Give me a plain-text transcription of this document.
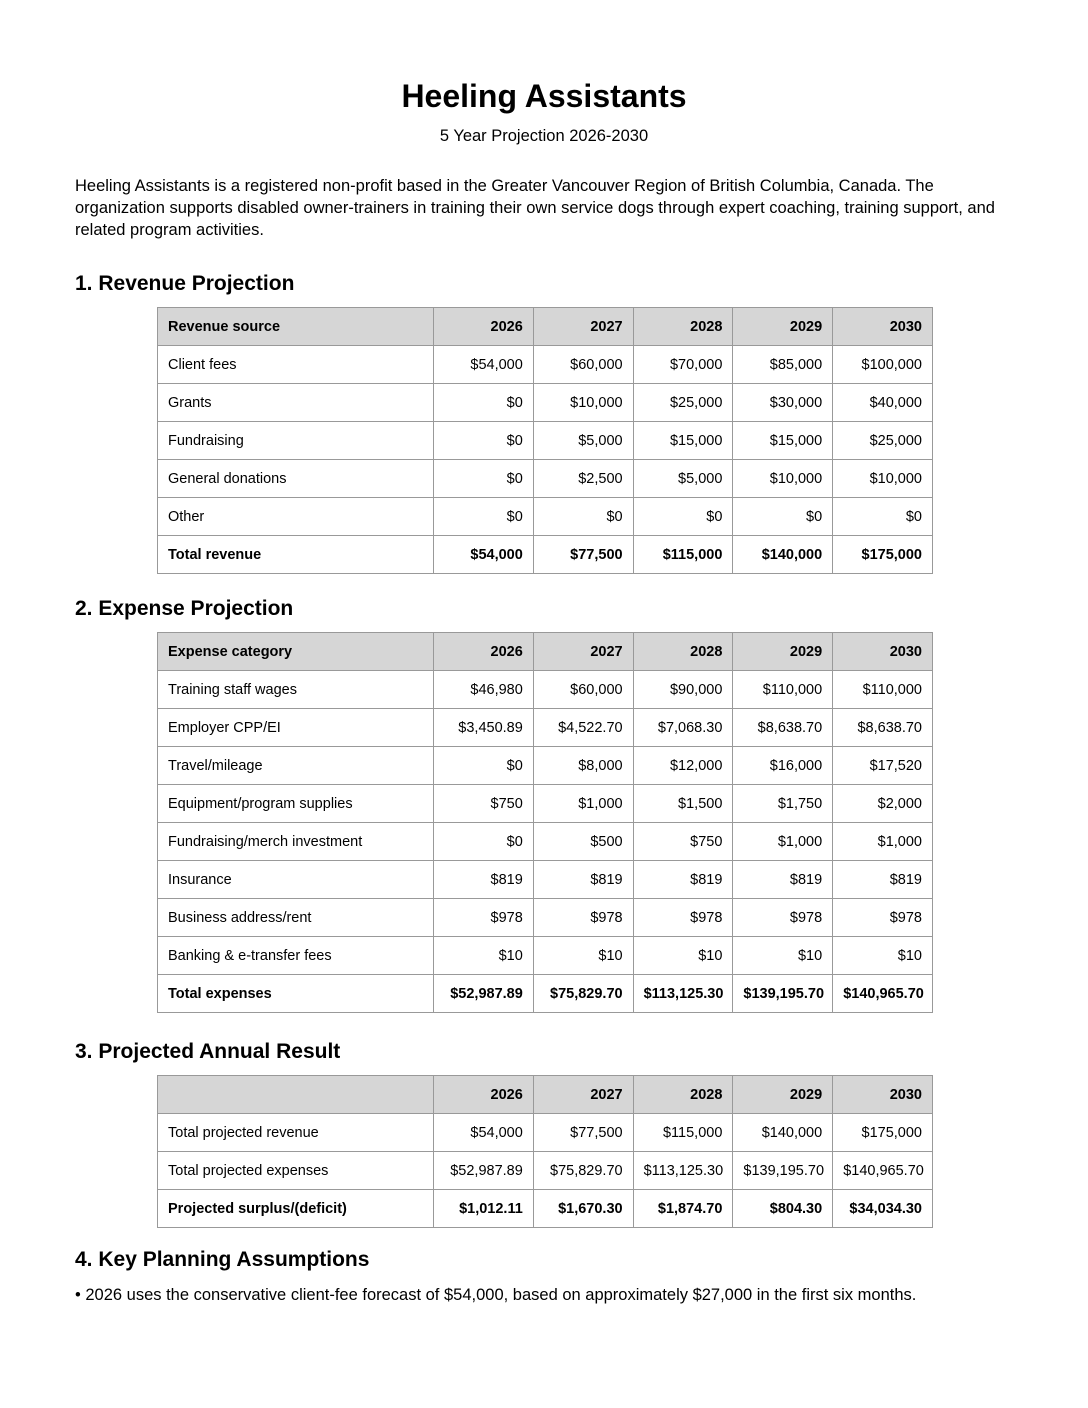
Heeling Assistants
5 Year Projection 2026-2030

Heeling Assistants is a registered non-profit based in the Greater Vancouver Region of British Columbia, Canada. The organization supports disabled owner-trainers in training their own service dogs through expert coaching, training support, and related program activities.

1. Revenue Projection
Revenue source	2026	2027	2028	2029	2030
Client fees	$54,000	$60,000	$70,000	$85,000	$100,000
Grants	$0	$10,000	$25,000	$30,000	$40,000
Fundraising	$0	$5,000	$15,000	$15,000	$25,000
General donations	$0	$2,500	$5,000	$10,000	$10,000
Other	$0	$0	$0	$0	$0
Total revenue	$54,000	$77,500	$115,000	$140,000	$175,000
2. Expense Projection
Expense category	2026	2027	2028	2029	2030
Training staff wages	$46,980	$60,000	$90,000	$110,000	$110,000
Employer CPP/EI	$3,450.89	$4,522.70	$7,068.30	$8,638.70	$8,638.70
Travel/mileage	$0	$8,000	$12,000	$16,000	$17,520
Equipment/program supplies	$750	$1,000	$1,500	$1,750	$2,000
Fundraising/merch investment	$0	$500	$750	$1,000	$1,000
Insurance	$819	$819	$819	$819	$819
Business address/rent	$978	$978	$978	$978	$978
Banking & e-transfer fees	$10	$10	$10	$10	$10
Total expenses	$52,987.89	$75,829.70	$113,125.30	$139,195.70	$140,965.70
3. Projected Annual Result
	2026	2027	2028	2029	2030
Total projected revenue	$54,000	$77,500	$115,000	$140,000	$175,000
Total projected expenses	$52,987.89	$75,829.70	$113,125.30	$139,195.70	$140,965.70
Projected surplus/(deficit)	$1,012.11	$1,670.30	$1,874.70	$804.30	$34,034.30
4. Key Planning Assumptions
• 2026 uses the conservative client-fee forecast of $54,000, based on approximately $27,000 in the first six months.
